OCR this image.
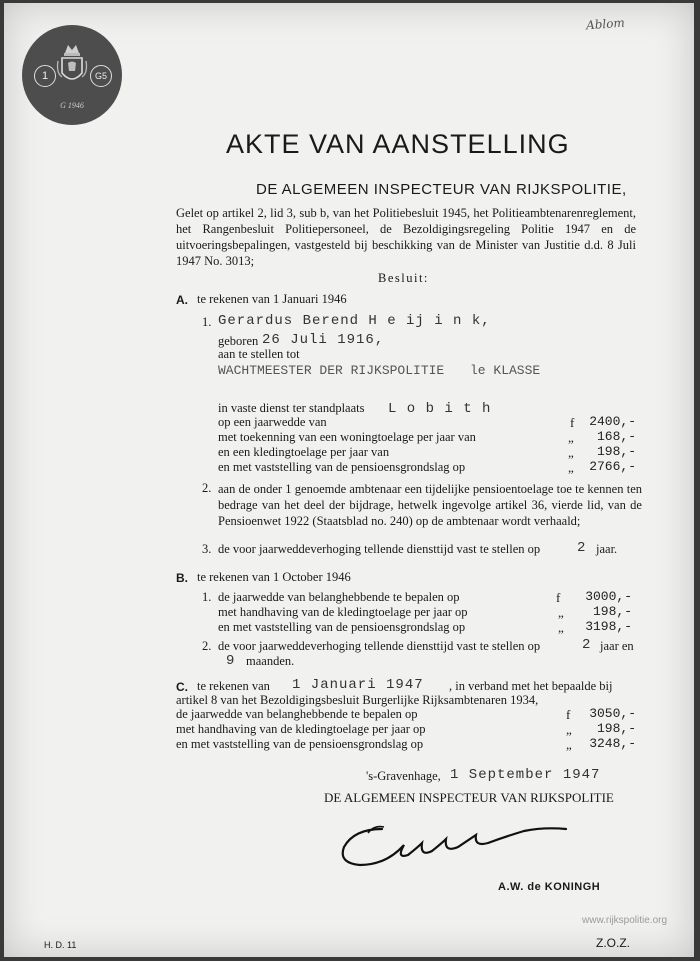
1	G5
G 1946
Ablom
AKTE VAN AANSTELLING
DE ALGEMEEN INSPECTEUR VAN RIJKSPOLITIE,
Gelet op artikel 2, lid 3, sub b, van het Politiebesluit 1945, het Politieambtenarenreglement, het Rangenbesluit Politiepersoneel, de Bezoldigingsregeling Politie 1947 en de uitvoeringsbepalingen, vastgesteld bij beschikking van de Minister van Justitie d.d. 8 Juli 1947 No. 3013;
Besluit:
A. te rekenen van 1 Januari 1946
1. Gerardus Berend H e ij i n k,
geboren 26 Juli 1916,
aan te stellen tot
WACHTMEESTER DER RIJKSPOLITIE le KLASSE
in vaste dienst ter standplaats L o b i t h
op een jaarwedde van	f	2400,-
met toekenning van een woningtoelage per jaar van	„	168,-
en een kledingtoelage per jaar van	„	198,-
en met vaststelling van de pensioensgrondslag op	„	2766,-
2. aan de onder 1 genoemde ambtenaar een tijdelijke pensioentoelage toe te kennen ten bedrage van het deel der bijdrage, hetwelk ingevolge artikel 36, vierde lid, van de Pensioenwet 1922 (Staatsblad no. 240) op de ambtenaar wordt verhaald;
3. de voor jaarweddeverhoging tellende diensttijd vast te stellen op	2 jaar.
B. te rekenen van 1 October 1946
1. de jaarwedde van belanghebbende te bepalen op	f	3000,-
met handhaving van de kledingtoelage per jaar op	„	198,-
en met vaststelling van de pensioensgrondslag op	„	3198,-
2. de voor jaarweddeverhoging tellende diensttijd vast te stellen op	2 jaar en
9 maanden.
C. te rekenen van 1 Januari 1947 , in verband met het bepaalde bij
artikel 8 van het Bezoldigingsbesluit Burgerlijke Rijksambtenaren 1934,
de jaarwedde van belanghebbende te bepalen op	f	3050,-
met handhaving van de kledingtoelage per jaar op	„	198,-
en met vaststelling van de pensioensgrondslag op	„	3248,-
's-Gravenhage, 1 September 1947
DE ALGEMEEN INSPECTEUR VAN RIJKSPOLITIE
A.W. de KONINGH
www.rijkspolitie.org
H. D. 11	Z.O.Z.
